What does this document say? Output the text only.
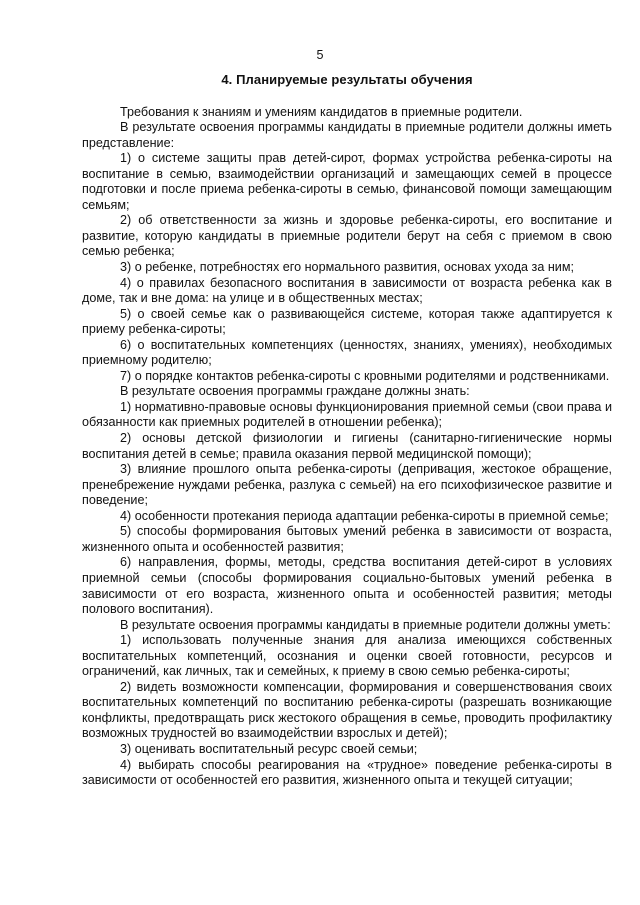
5
4. Планируемые результаты обучения

Требования к знаниям и умениям кандидатов в приемные родители.

В результате освоения программы кандидаты в приемные родители должны иметь представление:

1) о системе защиты прав детей-сирот, формах устройства ребенка-сироты на воспитание в семью, взаимодействии организаций и замещающих семей в процессе подготовки и после приема ребенка-сироты в семью, финансовой помощи замещающим семьям;

2) об ответственности за жизнь и здоровье ребенка-сироты, его воспитание и развитие, которую кандидаты в приемные родители берут на себя с приемом в свою семью ребенка;

3) о ребенке, потребностях его нормального развития, основах ухода за ним;

4) о правилах безопасного воспитания в зависимости от возраста ребенка как в доме, так и вне дома: на улице и в общественных местах;

5) о своей семье как о развивающейся системе, которая также адаптируется к приему ребенка-сироты;

6) о воспитательных компетенциях (ценностях, знаниях, умениях), необходимых приемному родителю;

7) о порядке контактов ребенка-сироты с кровными родителями и родственниками.

В результате освоения программы граждане должны знать:

1) нормативно-правовые основы функционирования приемной семьи (свои права и обязанности как приемных родителей в отношении ребенка);

2) основы детской физиологии и гигиены (санитарно-гигиенические нормы воспитания детей в семье; правила оказания первой медицинской помощи);

3) влияние прошлого опыта ребенка-сироты (депривация, жестокое обращение, пренебрежение нуждами ребенка, разлука с семьей) на его психофизическое развитие и поведение;

4) особенности протекания периода адаптации ребенка-сироты в приемной семье;

5) способы формирования бытовых умений ребенка в зависимости от возраста, жизненного опыта и особенностей развития;

6) направления, формы, методы, средства воспитания детей-сирот в условиях приемной семьи (способы формирования социально-бытовых умений ребенка в зависимости от его возраста, жизненного опыта и особенностей развития; методы полового воспитания).

В результате освоения программы кандидаты в приемные родители должны уметь:

1) использовать полученные знания для анализа имеющихся собственных воспитательных компетенций, осознания и оценки своей готовности, ресурсов и ограничений, как личных, так и семейных, к приему в свою семью ребенка-сироты;

2) видеть возможности компенсации, формирования и совершенствования своих воспитательных компетенций по воспитанию ребенка-сироты (разрешать возникающие конфликты, предотвращать риск жестокого обращения в семье, проводить профилактику возможных трудностей во взаимодействии взрослых и детей);

3) оценивать воспитательный ресурс своей семьи;

4) выбирать способы реагирования на «трудное» поведение ребенка-сироты в зависимости от особенностей его развития, жизненного опыта и текущей ситуации;
